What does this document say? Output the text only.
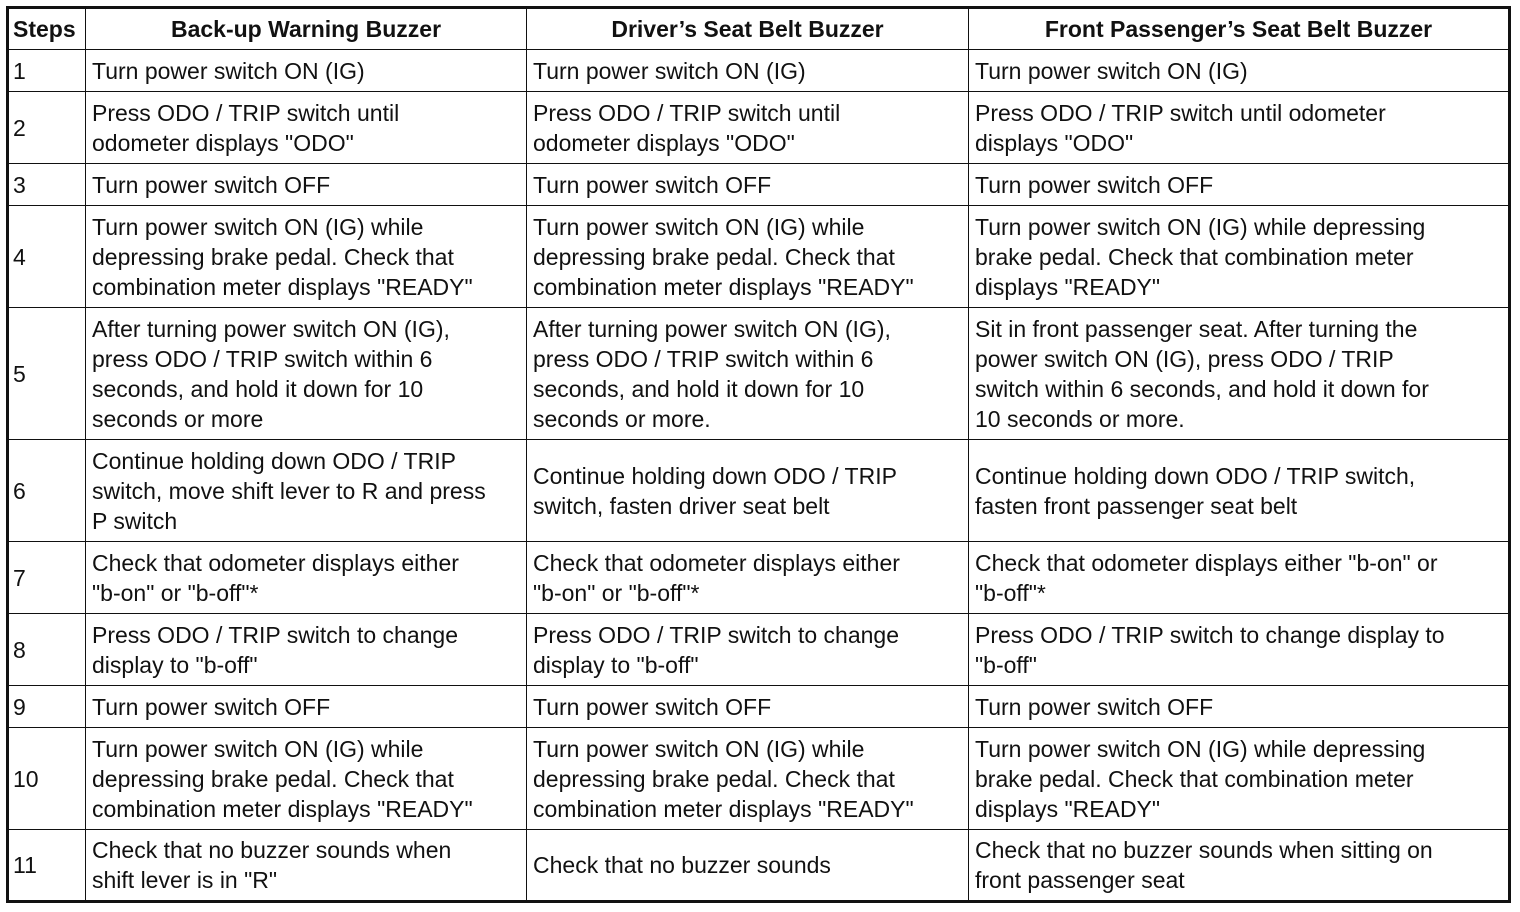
Steps	Back-up Warning Buzzer	Driver’s Seat Belt Buzzer	Front Passenger’s Seat Belt Buzzer
1	Turn power switch ON (IG)	Turn power switch ON (IG)	Turn power switch ON (IG)
2	Press ODO / TRIP switch until
odometer displays "ODO"	Press ODO / TRIP switch until
odometer displays "ODO"	Press ODO / TRIP switch until odometer
displays "ODO"
3	Turn power switch OFF	Turn power switch OFF	Turn power switch OFF
4	Turn power switch ON (IG) while
depressing brake pedal. Check that
combination meter displays "READY"	Turn power switch ON (IG) while
depressing brake pedal. Check that
combination meter displays "READY"	Turn power switch ON (IG) while depressing
brake pedal. Check that combination meter
displays "READY"
5	After turning power switch ON (IG),
press ODO / TRIP switch within 6
seconds, and hold it down for 10
seconds or more	After turning power switch ON (IG),
press ODO / TRIP switch within 6
seconds, and hold it down for 10
seconds or more.	Sit in front passenger seat. After turning the
power switch ON (IG), press ODO / TRIP
switch within 6 seconds, and hold it down for
10 seconds or more.
6	Continue holding down ODO / TRIP
switch, move shift lever to R and press
P switch	Continue holding down ODO / TRIP
switch, fasten driver seat belt	Continue holding down ODO / TRIP switch,
fasten front passenger seat belt
7	Check that odometer displays either
"b-on" or "b-off"*	Check that odometer displays either
"b-on" or "b-off"*	Check that odometer displays either "b-on" or
"b-off"*
8	Press ODO / TRIP switch to change
display to "b-off"	Press ODO / TRIP switch to change
display to "b-off"	Press ODO / TRIP switch to change display to
"b-off"
9	Turn power switch OFF	Turn power switch OFF	Turn power switch OFF
10	Turn power switch ON (IG) while
depressing brake pedal. Check that
combination meter displays "READY"	Turn power switch ON (IG) while
depressing brake pedal. Check that
combination meter displays "READY"	Turn power switch ON (IG) while depressing
brake pedal. Check that combination meter
displays "READY"
11	Check that no buzzer sounds when
shift lever is in "R"	Check that no buzzer sounds	Check that no buzzer sounds when sitting on
front passenger seat
